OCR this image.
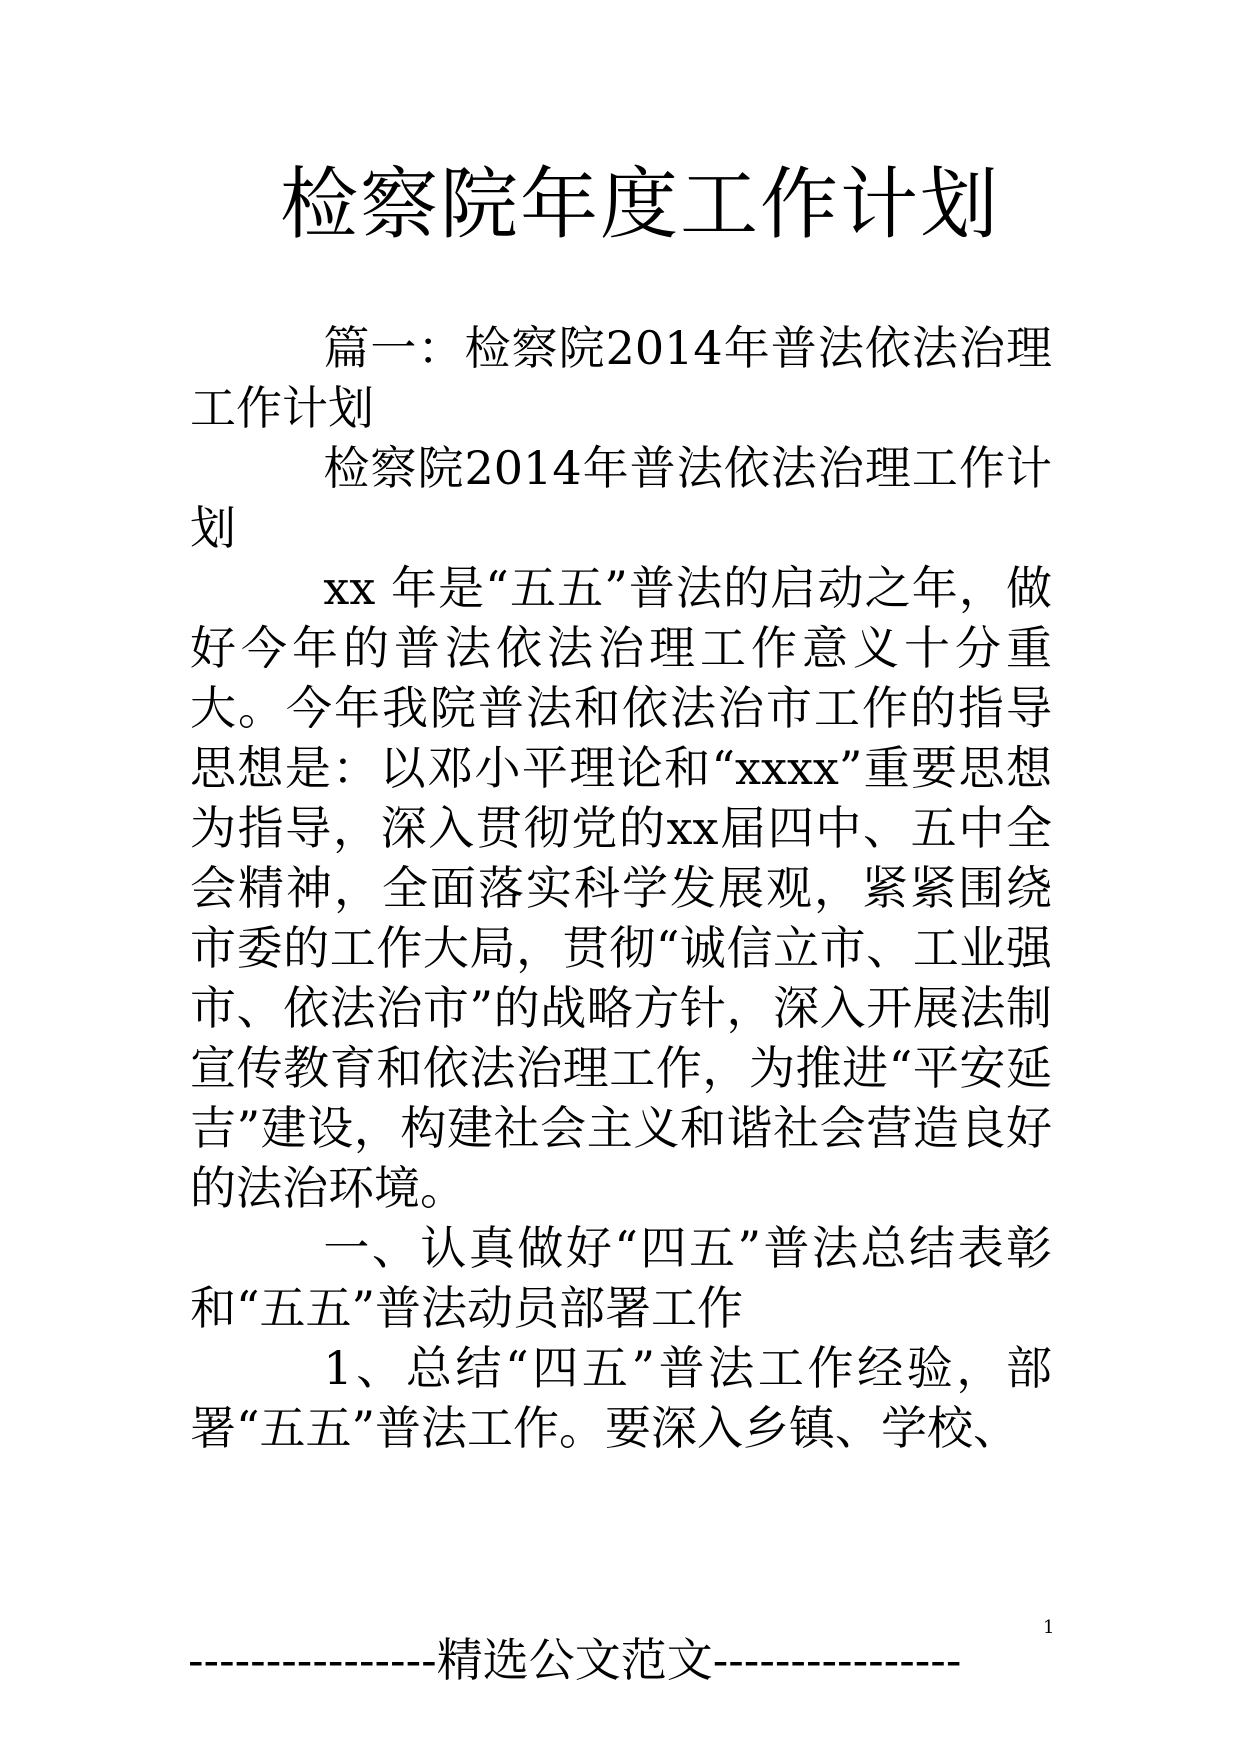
检察院年度工作计划

篇一：检察院2014年普法依法治理工作计划

检察院2014年普法依法治理工作计划

xx 年是“五五”普法的启动之年，做好今年的普法依法治理工作意义十分重大。今年我院普法和依法治市工作的指导思想是：以邓小平理论和“xxxx”重要思想为指导，深入贯彻党的xx届四中、五中全会精神，全面落实科学发展观，紧紧围绕市委的工作大局，贯彻“诚信立市、工业强市、依法治市”的战略方针，深入开展法制宣传教育和依法治理工作，为推进“平安延吉”建设，构建社会主义和谐社会营造良好的法治环境。

一、认真做好“四五”普法总结表彰和“五五”普法动员部署工作

1、总结“四五”普法工作经验，部署“五五”普法工作。要深入乡镇、学校、

1
----------------精选公文范文----------------
